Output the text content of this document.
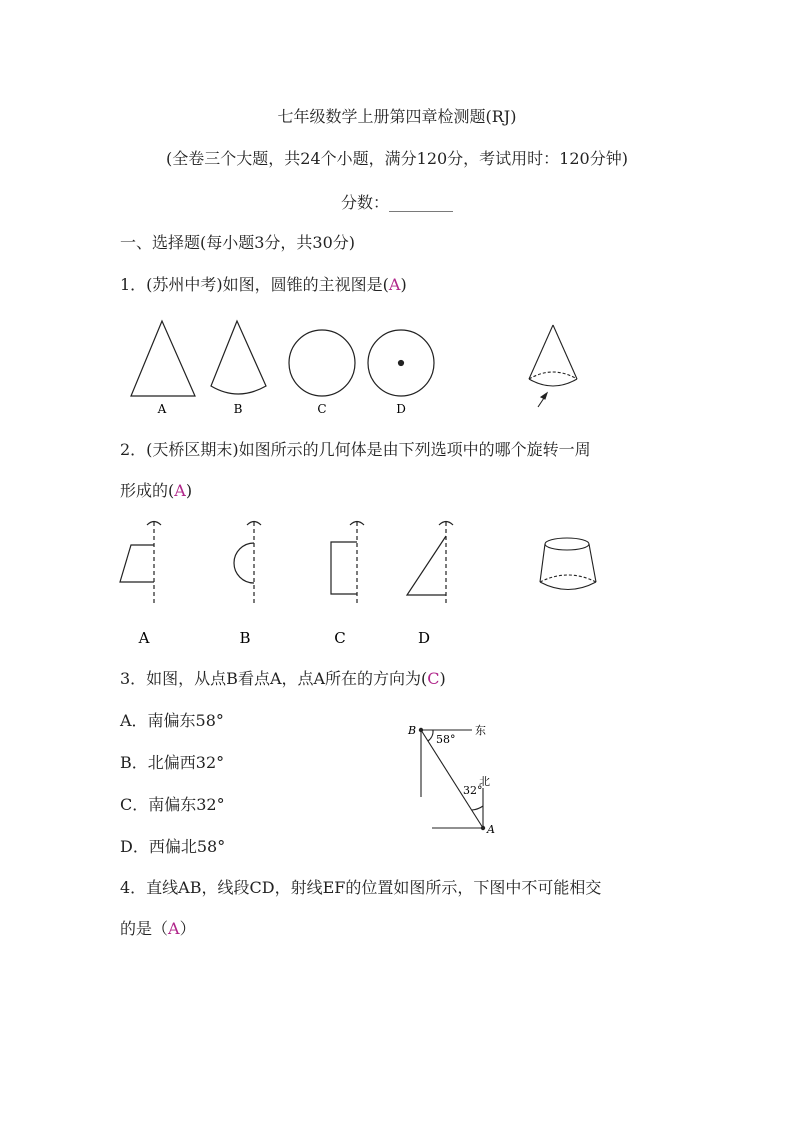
七年级数学上册第四章检测题(RJ)
(全卷三个大题，共24个小题，满分120分，考试用时：120分钟)
分数：________
一、选择题(每小题3分，共30分)
1．(苏州中考)如图，圆锥的主视图是(A)
A	B	C	D
A	B	C	D
B
A
东
北
58°
32°
2．(天桥区期末)如图所示的几何体是由下列选项中的哪个旋转一周
形成的(A)
3．如图，从点B看点A，点A所在的方向为(C)
A．南偏东58°
B．北偏西32°
C．南偏东32°
D．西偏北58°
4．直线AB，线段CD，射线EF的位置如图所示，下图中不可能相交
的是（A）
